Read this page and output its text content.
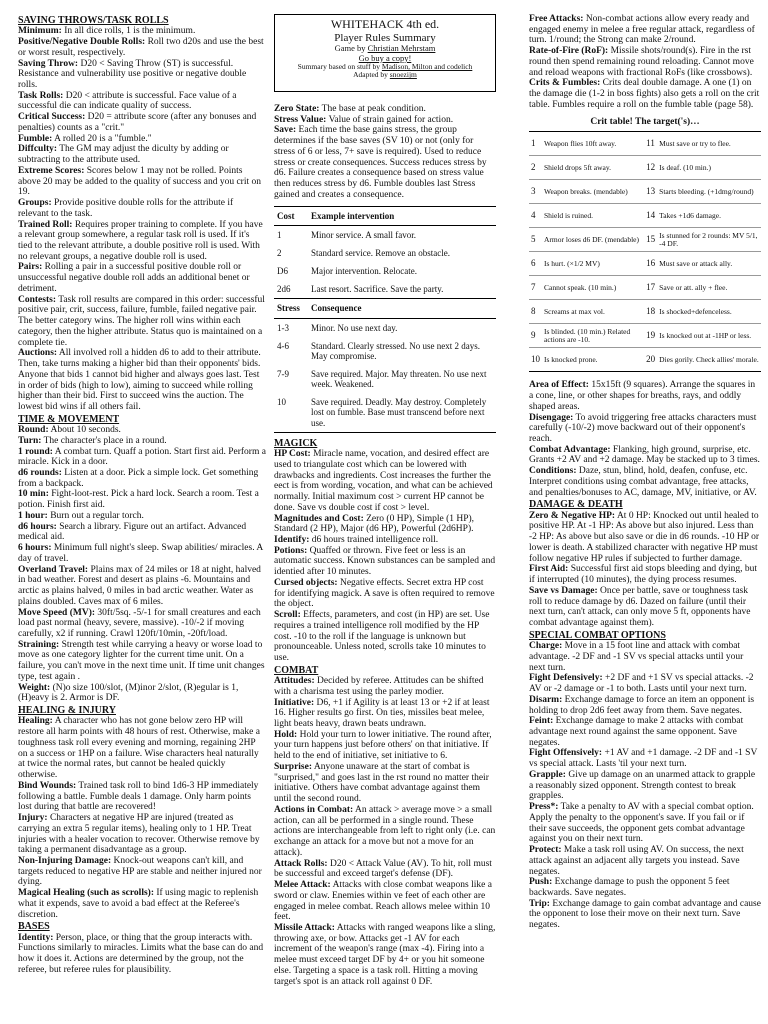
SAVING THROWS/TASK ROLLS
Minimum: In all dice rolls, 1 is the minimum.
Positive/Negative Double Rolls: Roll two d20s and use the best or worst result, respectively.
Saving Throw: D20 < Saving Throw (ST) is successful. Resistance and vulnerability use positive or negative double rolls.
Task Rolls: D20 < attribute is successful. Face value of a successful die can indicate quality of success.
Critical Success: D20 = attribute score (after any bonuses and penalties) counts as a "crit."
Fumble: A rolled 20 is a "fumble."
Diffculty: The GM may adjust the diculty by adding or subtracting to the attribute used.
Extreme Scores: Scores below 1 may not be rolled. Points above 20 may be added to the quality of success and you crit on 19.
Groups: Provide positive double rolls for the attribute if relevant to the task.
Trained Roll: Requires proper training to complete. If you have a relevant group somewhere, a regular task roll is used. If it's tied to the relevant attribute, a double positive roll is used. With no relevant groups, a negative double roll is used.
Pairs: Rolling a pair in a successful positive double roll or unsuccessful negative double roll adds an additional benet or detriment.
Contests: Task roll results are compared in this order: successful positive pair, crit, success, failure, fumble, failed negative pair. The better category wins. The higher roll wins within each category, then the higher attribute. Status quo is maintained on a complete tie.
Auctions: All involved roll a hidden d6 to add to their attribute. Then, take turns making a higher bid than their opponents' bids. Anyone that bids 1 cannot bid higher and always goes last. Test in order of bids (high to low), aiming to succeed while rolling higher than their bid. First to succeed wins the auction. The lowest bid wins if all others fail.
TIME & MOVEMENT
Round: About 10 seconds.
Turn: The character's place in a round.
1 round: A combat turn. Quaff a potion. Start first aid. Perform a miracle. Kick in a door.
d6 rounds: Listen at a door. Pick a simple lock. Get something from a backpack.
10 min: Fight-loot-rest. Pick a hard lock. Search a room. Test a potion. Finish first aid.
1 hour: Burn out a regular torch.
d6 hours: Search a library. Figure out an artifact. Advanced medical aid.
6 hours: Minimum full night's sleep. Swap abilities/ miracles. A day of travel.
Overland Travel: Plains max of 24 miles or 18 at night, halved in bad weather. Forest and desert as plains -6. Mountains and arctic as plains halved, 0 miles in bad arctic weather. Water as plains doubled. Caves max of 6 miles.
Move Speed (MV): 30ft/5sq. -5/-1 for small creatures and each load past normal (heavy, severe, massive). -10/-2 if moving carefully, x2 if running. Crawl 120ft/10min, -20ft/load.
Straining: Strength test while carrying a heavy or worse load to move as one category lighter for the current time unit. On a failure, you can't move in the next time unit. If time unit changes type, test again .
Weight: (N)o size 100/slot, (M)inor 2/slot, (R)egular is 1, (H)eavy is 2. Armor is DF.
HEALING & INJURY
Healing: A character who has not gone below zero HP will restore all harm points with 48 hours of rest. Otherwise, make a toughness task roll every evening and morning, regaining 2HP on a success or 1HP on a failure. Wise characters heal naturally at twice the normal rates, but cannot be healed quickly otherwise.
Bind Wounds: Trained task roll to bind 1d6-3 HP immediately following a battle. Fumble deals 1 damage. Only harm points lost during that battle are recovered!
Injury: Characters at negative HP are injured (treated as carrying an extra 5 regular items), healing only to 1 HP. Treat injuries with a healer vocation to recover. Otherwise remove by taking a permanent disadvantage as a group.
Non-Injuring Damage: Knock-out weapons can't kill, and targets reduced to negative HP are stable and neither injured nor dying.
Magical Healing (such as scrolls): If using magic to replenish what it expends, save to avoid a bad effect at the Referee's discretion.
BASES
Identity: Person, place, or thing that the group interacts with. Functions similarly to miracles. Limits what the base can do and how it does it. Actions are determined by the group, not the referee, but referee rules for plausibility.
WHITEHACK 4th ed.
Player Rules Summary
Game by Christian Mehrstam
Go buy a copy!
Summary based on stuff by Madison, Milton and codelich
Adapted by snoezijm
Zero State: The base at peak condition.
Stress Value: Value of strain gained for action.
Save: Each time the base gains stress, the group determines if the base saves (SV 10) or not (only for stress of 6 or less, 7+ save is required). Used to reduce stress or create consequences. Success reduces stress by d6. Failure creates a consequence based on stress value then reduces stress by d6. Fumble doubles last Stress gained and creates a consequence.
Cost	Example intervention
1	Minor service. A small favor.
2	Standard service. Remove an obstacle.
D6	Major intervention. Relocate.
2d6	Last resort. Sacrifice. Save the party.
Stress	Consequence
1-3	Minor. No use next day.
4-6	Standard. Clearly stressed. No use next 2 days. May compromise.
7-9	Save required. Major. May threaten. No use next week. Weakened.
10	Save required. Deadly. May destroy. Completely lost on fumble. Base must transcend before next use.
MAGICK
HP Cost: Miracle name, vocation, and desired effect are used to triangulate cost which can be lowered with drawbacks and ingredients. Cost increases the further the eect is from wording, vocation, and what can be achieved normally. Initial maximum cost > current HP cannot be done. Save vs double cost if cost > level.
Magnitudes and Cost: Zero (0 HP), Simple (1 HP), Standard (2 HP), Major (d6 HP), Powerful (2d6HP).
Identify: d6 hours trained intelligence roll.
Potions: Quaffed or thrown. Five feet or less is an automatic success. Known substances can be sampled and identied after 10 minutes.
Cursed objects: Negative effects. Secret extra HP cost for identifying magick. A save is often required to remove the object.
Scroll: Effects, parameters, and cost (in HP) are set. Use requires a trained intelligence roll modified by the HP cost. -10 to the roll if the language is unknown but pronounceable. Unless noted, scrolls take 10 minutes to use.
COMBAT
Attitudes: Decided by referee. Attitudes can be shifted with a charisma test using the parley modier.
Initiative: D6, +1 if Agility is at least 13 or +2 if at least 16. Higher results go first. On ties, missiles beat melee, light beats heavy, drawn beats undrawn.
Hold: Hold your turn to lower initiative. The round after, your turn happens just before others' on that initiative. If held to the end of initiative, set initiative to 6.
Surprise: Anyone unaware at the start of combat is "surprised," and goes last in the rst round no matter their initiative. Others have combat advantage against them until the second round.
Actions in Combat: An attack > average move > a small action, can all be performed in a single round. These actions are interchangeable from left to right only (i.e. can exchange an attack for a move but not a move for an attack).
Attack Rolls: D20 < Attack Value (AV). To hit, roll must be successful and exceed target's defense (DF).
Melee Attack: Attacks with close combat weapons like a sword or claw. Enemies within ve feet of each other are engaged in melee combat. Reach allows melee within 10 feet.
Missile Attack: Attacks with ranged weapons like a sling, throwing axe, or bow. Attacks get -1 AV for each increment of the weapon's range (max -4). Firing into a melee must exceed target DF by 4+ or you hit someone else. Targeting a space is a task roll. Hitting a moving target's spot is an attack roll against 0 DF.
Free Attacks: Non-combat actions allow every ready and engaged enemy in melee a free regular attack, regardless of turn. 1/round; the Strong can make 2/round.
Rate-of-Fire (RoF): Missile shots/round(s). Fire in the rst round then spend remaining round reloading. Cannot move and reload weapons with fractional RoFs (like crossbows).
Crits & Fumbles: Crits deal double damage. A one (1) on the damage die (1-2 in boss fights) also gets a roll on the crit table. Fumbles require a roll on the fumble table (page 58).
Crit table! The target('s)…
1	Weapon flies 10ft away.	11	Must save or try to flee.
2	Shield drops 5ft away.	12	Is deaf. (10 min.)
3	Weapon breaks. (mendable)	13	Starts bleeding. (+1dmg/round)
4	Shield is ruined.	14	Takes +1d6 damage.
5	Armor loses d6 DF. (mendable)	15	Is stunned for 2 rounds: MV 5/1, -4 DF.
6	Is hurt. (×1/2 MV)	16	Must save or attack ally.
7	Cannot speak. (10 min.)	17	Save or att. ally + flee.
8	Screams at max vol.	18	Is shocked+defenceless.
9	Is blinded. (10 min.) Related actions are -10.	19	Is knocked out at -1HP or less.
10	Is knocked prone.	20	Dies gorily. Check allies' morale.
Area of Effect: 15x15ft (9 squares). Arrange the squares in a cone, line, or other shapes for breaths, rays, and oddly shaped areas.
Disengage: To avoid triggering free attacks characters must carefully (-10/-2) move backward out of their opponent's reach.
Combat Advantage: Flanking, high ground, surprise, etc. Grants +2 AV and +2 damage. May be stacked up to 3 times.
Conditions: Daze, stun, blind, hold, deafen, confuse, etc. Interpret conditions using combat advantage, free attacks, and penalties/bonuses to AC, damage, MV, initiative, or AV.
DAMAGE & DEATH
Zero & Negative HP: At 0 HP: Knocked out until healed to positive HP. At -1 HP: As above but also injured. Less than -2 HP: As above but also save or die in d6 rounds. -10 HP or lower is death. A stabilized character with negative HP must follow negative HP rules if subjected to further damage.
First Aid: Successful first aid stops bleeding and dying, but if interrupted (10 minutes), the dying process resumes.
Save vs Damage: Once per battle, save or toughness task roll to reduce damage by d6. Dazed on failure (until their next turn, can't attack, can only move 5 ft, opponents have combat advantage against them).
SPECIAL COMBAT OPTIONS
Charge: Move in a 15 foot line and attack with combat advantage. -2 DF and -1 SV vs special attacks until your next turn.
Fight Defensively: +2 DF and +1 SV vs special attacks. -2 AV or -2 damage or -1 to both. Lasts until your next turn.
Disarm: Exchange damage to force an item an opponent is holding to drop 2d6 feet away from them. Save negates.
Feint: Exchange damage to make 2 attacks with combat advantage next round against the same opponent. Save negates.
Fight Offensively: +1 AV and +1 damage. -2 DF and -1 SV vs special attack. Lasts 'til your next turn.
Grapple: Give up damage on an unarmed attack to grapple a reasonably sized opponent. Strength contest to break grapples.
Press*: Take a penalty to AV with a special combat option. Apply the penalty to the opponent's save. If you fail or if their save succeeds, the opponent gets combat advantage against you on their next turn.
Protect: Make a task roll using AV. On success, the next attack against an adjacent ally targets you instead. Save negates.
Push: Exchange damage to push the opponent 5 feet backwards. Save negates.
Trip: Exchange damage to gain combat advantage and cause the opponent to lose their move on their next turn. Save negates.
